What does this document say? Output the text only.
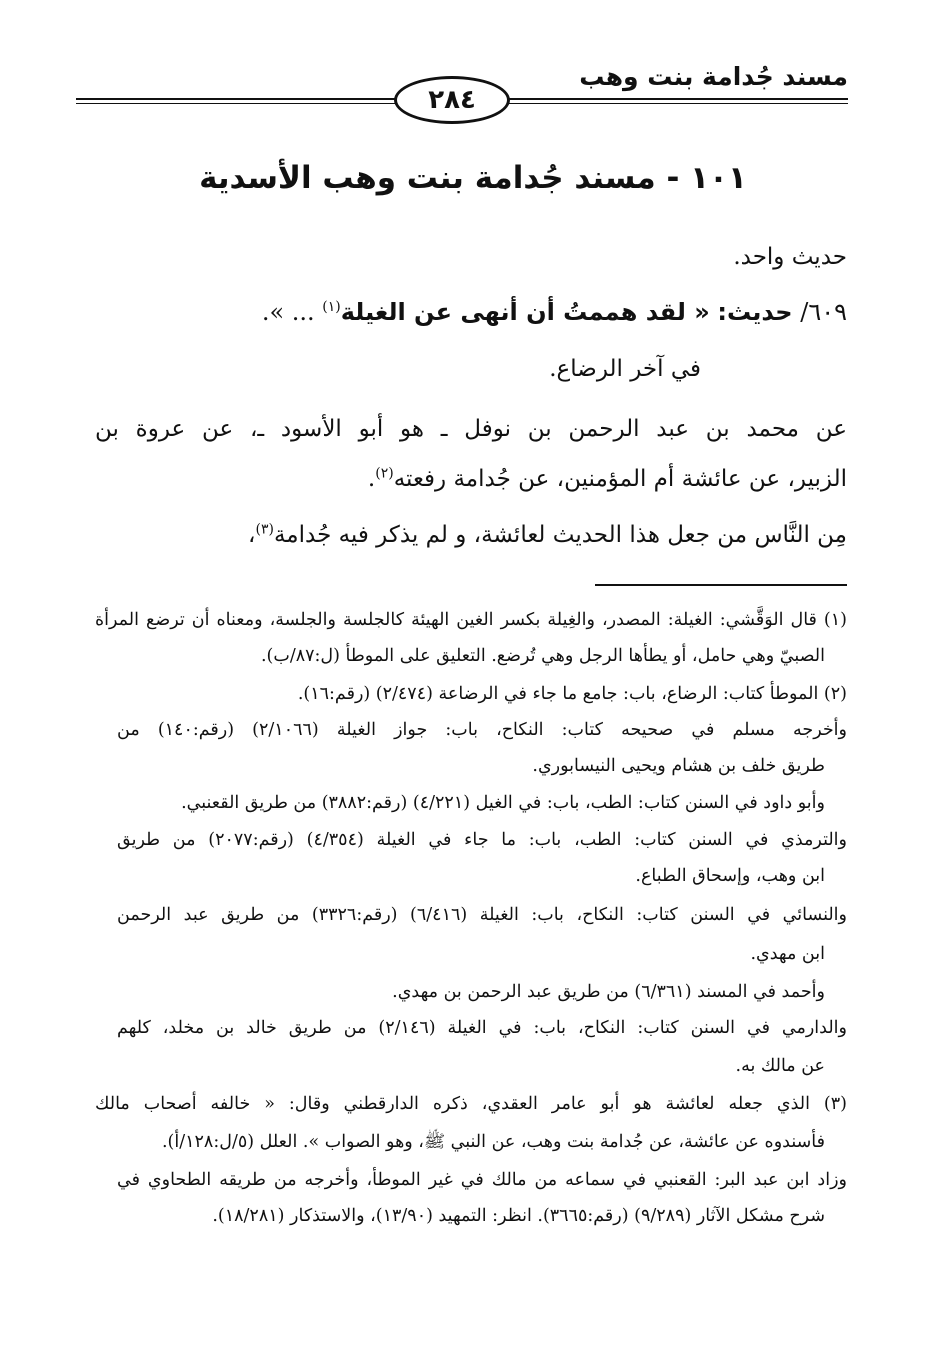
مسند جُدامة بنت وهب
٢٨٤
١٠١ - مسند جُدامة بنت وهب الأسدية
حديث واحد.
٦٠٩/ حديث: « لقد هممتُ أن أنهى عن الغيلة$^{(١)}$ ... ».
في آخر الرضاع.
عن محمد بن عبد الرحمن بن نوفل ـ هو أبو الأسود ـ، عن عروة بن
الزبير، عن عائشة أم المؤمنين، عن جُدامة رفعته$^{(٢)}$.
مِن النَّاس من جعل هذا الحديث لعائشة، و لم يذكر فيه جُدامة$^{(٣)}$،
(١) قال الوَقَّشي: الغيلة: المصدر، والغِيلة بكسر الغين الهيئة كالجلسة والجلسة، ومعناه أن ترضع المرأة
الصبيّ وهي حامل، أو يطأها الرجل وهي تُرضع. التعليق على الموطأ (ل:٨٧/ب).
(٢) الموطأ كتاب: الرضاع، باب: جامع ما جاء في الرضاعة (٢/٤٧٤) (رقم:١٦).
وأخرجه مسلم في صحيحه كتاب: النكاح، باب: جواز الغيلة (٢/١٠٦٦) (رقم:١٤٠) من
طريق خلف بن هشام ويحيى النيسابوري.
وأبو داود في السنن كتاب: الطب، باب: في الغيل (٤/٢٢١) (رقم:٣٨٨٢) من طريق القعنبي.
والترمذي في السنن كتاب: الطب، باب: ما جاء في الغيلة (٤/٣٥٤) (رقم:٢٠٧٧) من طريق
ابن وهب، وإسحاق الطباع.
والنسائي في السنن كتاب: النكاح، باب: الغيلة (٦/٤١٦) (رقم:٣٣٢٦) من طريق عبد الرحمن
ابن مهدي.
وأحمد في المسند (٦/٣٦١) من طريق عبد الرحمن بن مهدي.
والدارمي في السنن كتاب: النكاح، باب: في الغيلة (٢/١٤٦) من طريق خالد بن مخلد، كلهم
عن مالك به.
(٣) الذي جعله لعائشة هو أبو عامر العقدي، ذكره الدارقطني وقال: « خالفه أصحاب مالك
فأسندوه عن عائشة، عن جُدامة بنت وهب، عن النبي ﷺ، وهو الصواب ». العلل (٥/ل:١٢٨/أ).
وزاد ابن عبد البر: القعنبي في سماعه من مالك في غير الموطأ، وأخرجه من طريقه الطحاوي في
شرح مشكل الآثار (٩/٢٨٩) (رقم:٣٦٦٥). انظر: التمهيد (١٣/٩٠)، والاستذكار (١٨/٢٨١).
